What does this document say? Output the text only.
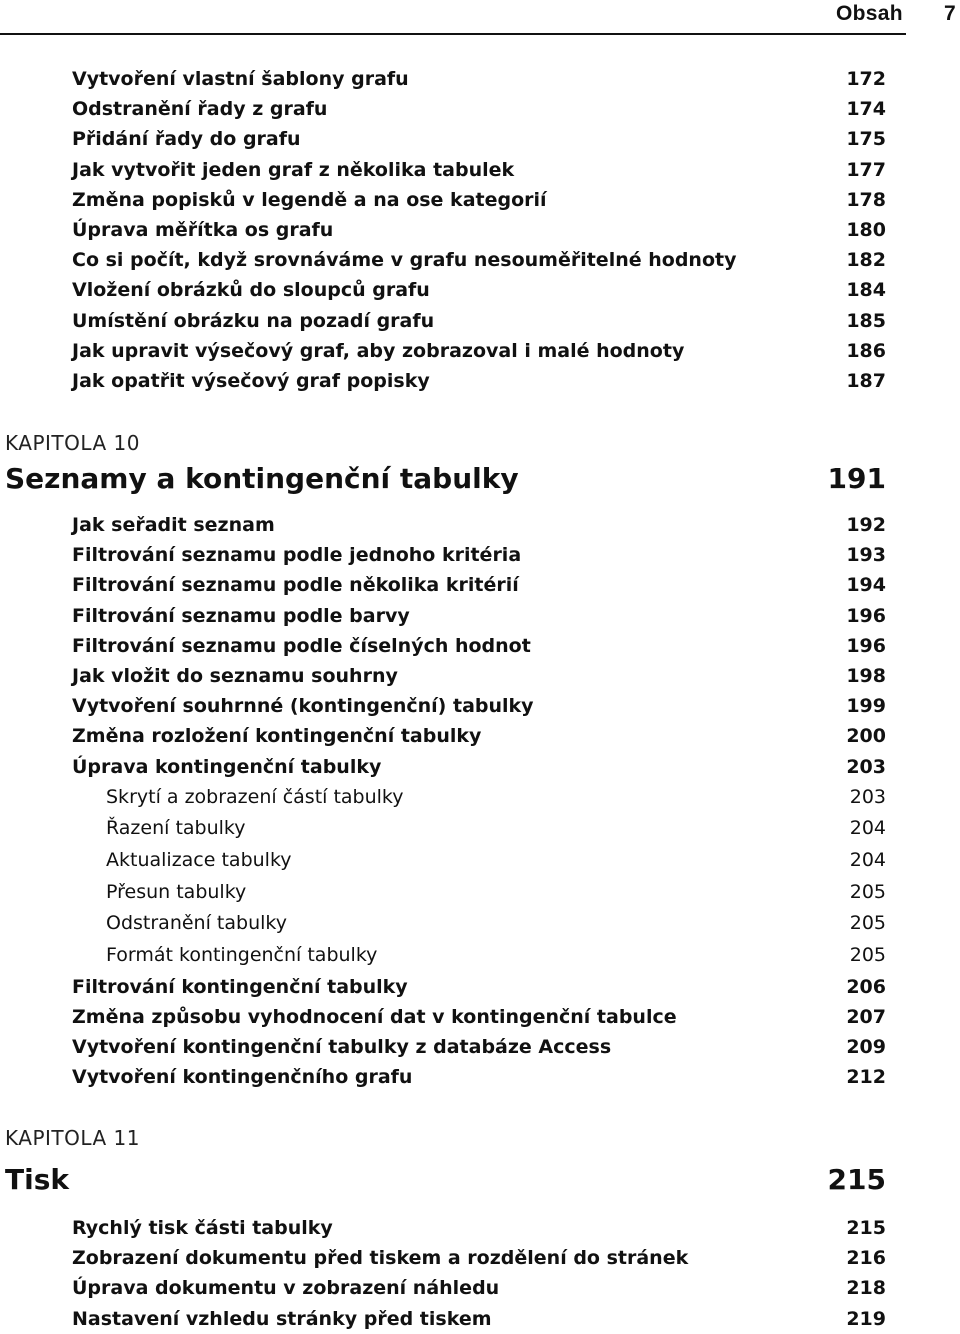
Obsah 7
Vytvoření vlastní šablony grafu	172
Odstranění řady z grafu	174
Přidání řady do grafu	175
Jak vytvořit jeden graf z několika tabulek	177
Změna popisků v legendě a na ose kategorií	178
Úprava měřítka os grafu	180
Co si počít, když srovnáváme v grafu nesouměřitelné hodnoty	182
Vložení obrázků do sloupců grafu	184
Umístění obrázku na pozadí grafu	185
Jak upravit výsečový graf, aby zobrazoval i malé hodnoty	186
Jak opatřit výsečový graf popisky	187
KAPITOLA 10
Seznamy a kontingenční tabulky	191
Jak seřadit seznam	192
Filtrování seznamu podle jednoho kritéria	193
Filtrování seznamu podle několika kritérií	194
Filtrování seznamu podle barvy	196
Filtrování seznamu podle číselných hodnot	196
Jak vložit do seznamu souhrny	198
Vytvoření souhrnné (kontingenční) tabulky	199
Změna rozložení kontingenční tabulky	200
Úprava kontingenční tabulky	203
Skrytí a zobrazení částí tabulky	203
Řazení tabulky	204
Aktualizace tabulky	204
Přesun tabulky	205
Odstranění tabulky	205
Formát kontingenční tabulky	205
Filtrování kontingenční tabulky	206
Změna způsobu vyhodnocení dat v kontingenční tabulce	207
Vytvoření kontingenční tabulky z databáze Access	209
Vytvoření kontingenčního grafu	212
KAPITOLA 11
Tisk	215
Rychlý tisk části tabulky	215
Zobrazení dokumentu před tiskem a rozdělení do stránek	216
Úprava dokumentu v zobrazení náhledu	218
Nastavení vzhledu stránky před tiskem	219
